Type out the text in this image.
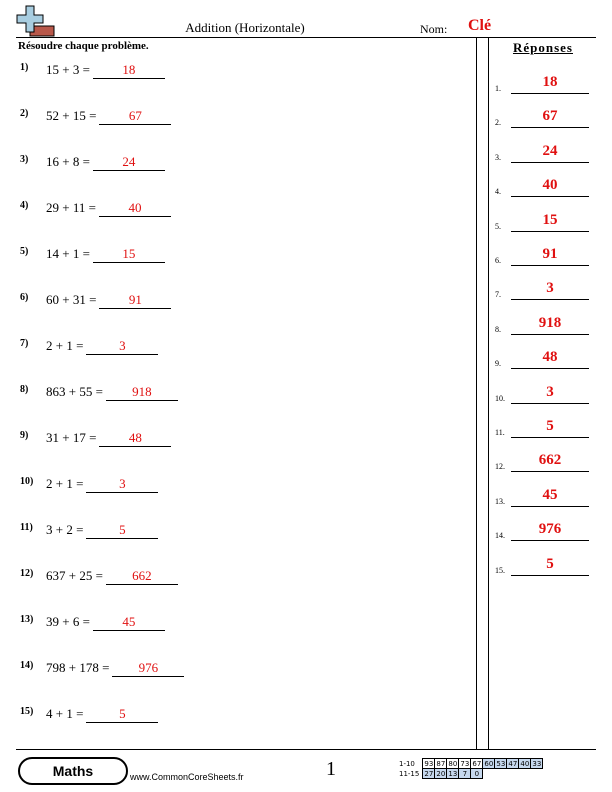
Addition (Horizontale)	Nom: Clé
Résoudre chaque problème.	Réponses
1) 15 + 3 =	18
2) 52 + 15 =	67
3) 16 + 8 =	24
4) 29 + 11 =	40
5) 14 + 1 =	15
6) 60 + 31 =	91
7) 2 + 1 =	3
8) 863 + 55 = 918
9) 31 + 17 =	48
10) 2 + 1 =	3
11) 3 + 2 =	5
12) 637 + 25 = 662
13) 39 + 6 =	45
14) 798 + 178 = 976
15) 4 + 1 =	5
1.	18
2.	67
3.	24
4.	40
5.	15
6.	91
7.	3
8.	918
9.	48
10.	3
11.	5
12.	662
13.	45
14.	976
15.	5
Maths	www.CommonCoreSheets.fr	1	1-10	93	87	80	73	67	60	53	47	40	33
11-15	27	20	13	7	0					
